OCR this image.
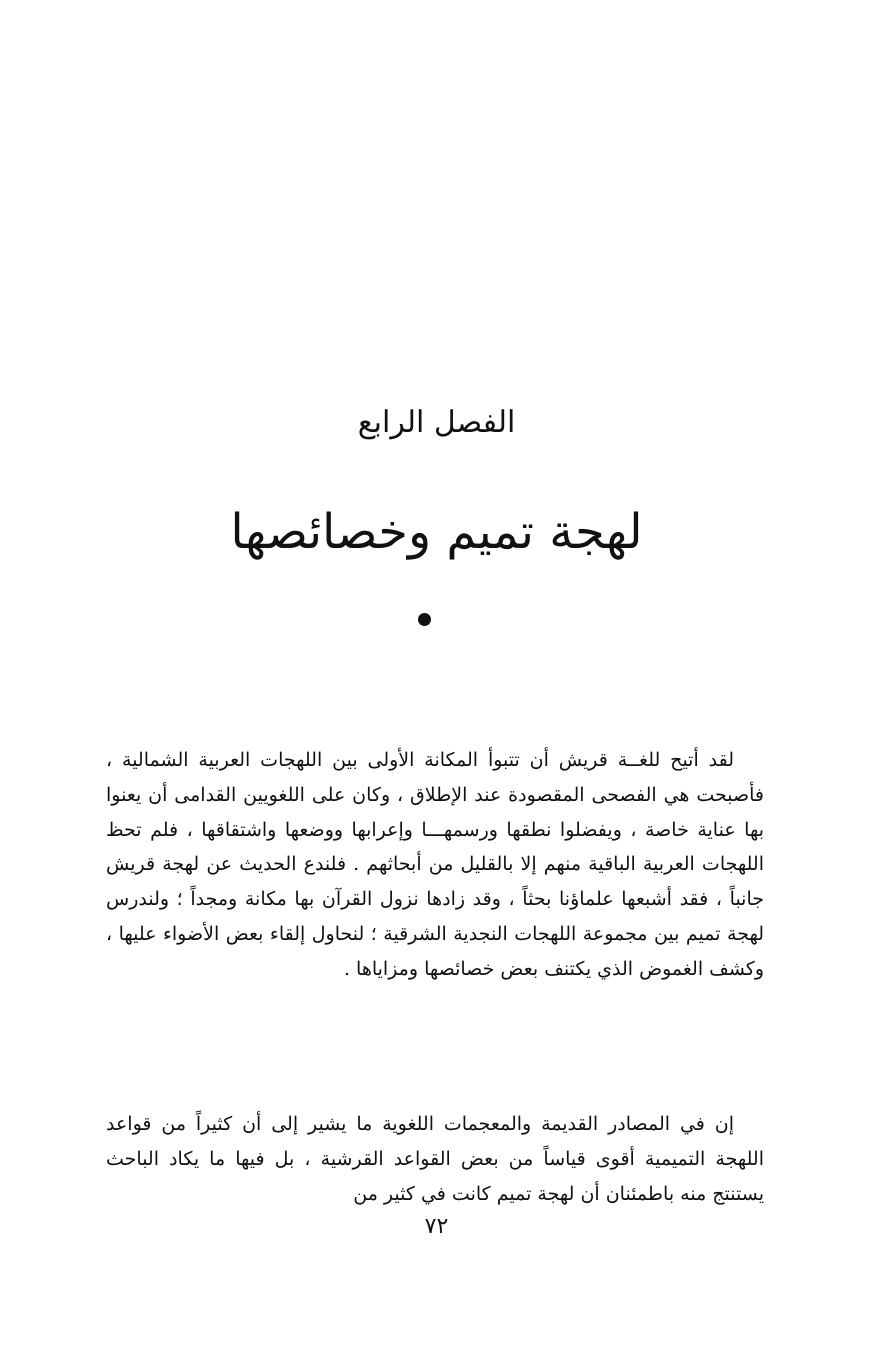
الفصل الرابع
لهجة تميم وخصائصها

لقد أتيح للغــة قريش أن تتبوأ المكانة الأولى بين اللهجات العربية الشمالية ، فأصبحت هي الفصحى المقصودة عند الإطلاق ، وكان على اللغويين القدامى أن يعنوا بها عناية خاصة ، ويفضلوا نطقها ورسمهـــا وإعرابها ووضعها واشتقاقها ، فلم تحظ اللهجات العربية الباقية منهم إلا بالقليل من أبحاثهم . فلندع الحديث عن لهجة قريش جانباً ، فقد أشبعها علماؤنا بحثاً ، وقد زادها نزول القرآن بها مكانة ومجداً ؛ ولندرس لهجة تميم بين مجموعة اللهجات النجدية الشرقية ؛ لنحاول إلقاء بعض الأضواء عليها ، وكشف الغموض الذي يكتنف بعض خصائصها ومزاياها .

إن في المصادر القديمة والمعجمات اللغوية ما يشير إلى أن كثيراً من قواعد اللهجة التميمية أقوى قياساً من بعض القواعد القرشية ، بل فيها ما يكاد الباحث يستنتج منه باطمئنان أن لهجة تميم كانت في كثير من

٧٢
